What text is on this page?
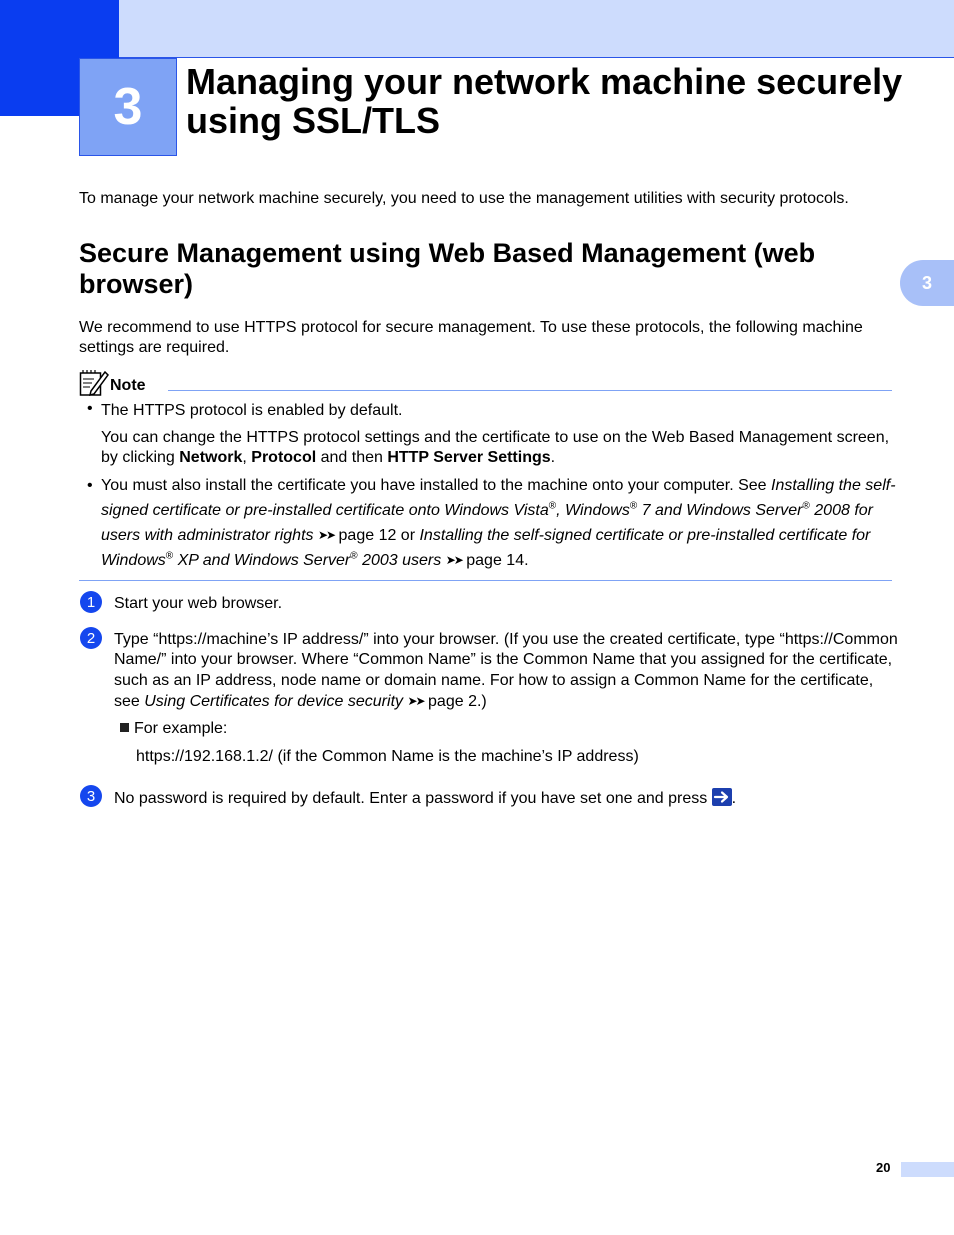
3 Managing your network machine securely using SSL/TLS
3

To manage your network machine securely, you need to use the management utilities with security protocols.

Secure Management using Web Based Management (web browser)

We recommend to use HTTPS protocol for secure management. To use these protocols, the following machine settings are required.

Note
• The HTTPS protocol is enabled by default.
You can change the HTTPS protocol settings and the certificate to use on the Web Based Management screen, by clicking Network, Protocol and then HTTP Server Settings.
• You must also install the certificate you have installed to the machine onto your computer. See Installing the self-signed certificate or pre-installed certificate onto Windows Vista®, Windows® 7 and Windows Server® 2008 for users with administrator rights ➤➤ page 12 or Installing the self-signed certificate or pre-installed certificate for Windows® XP and Windows Server® 2003 users ➤➤ page 14.
1	Start your web browser.
2	Type “https://machine’s IP address/” into your browser. (If you use the created certificate, type “https://Common Name/” into your browser. Where “Common Name” is the Common Name that you assigned for the certificate, such as an IP address, node name or domain name. For how to assign a Common Name for the certificate, see Using Certificates for device security ➤➤ page 2.)
For example:
https://192.168.1.2/ (if the Common Name is the machine’s IP address)
3	No password is required by default. Enter a password if you have set one and press
.
20
